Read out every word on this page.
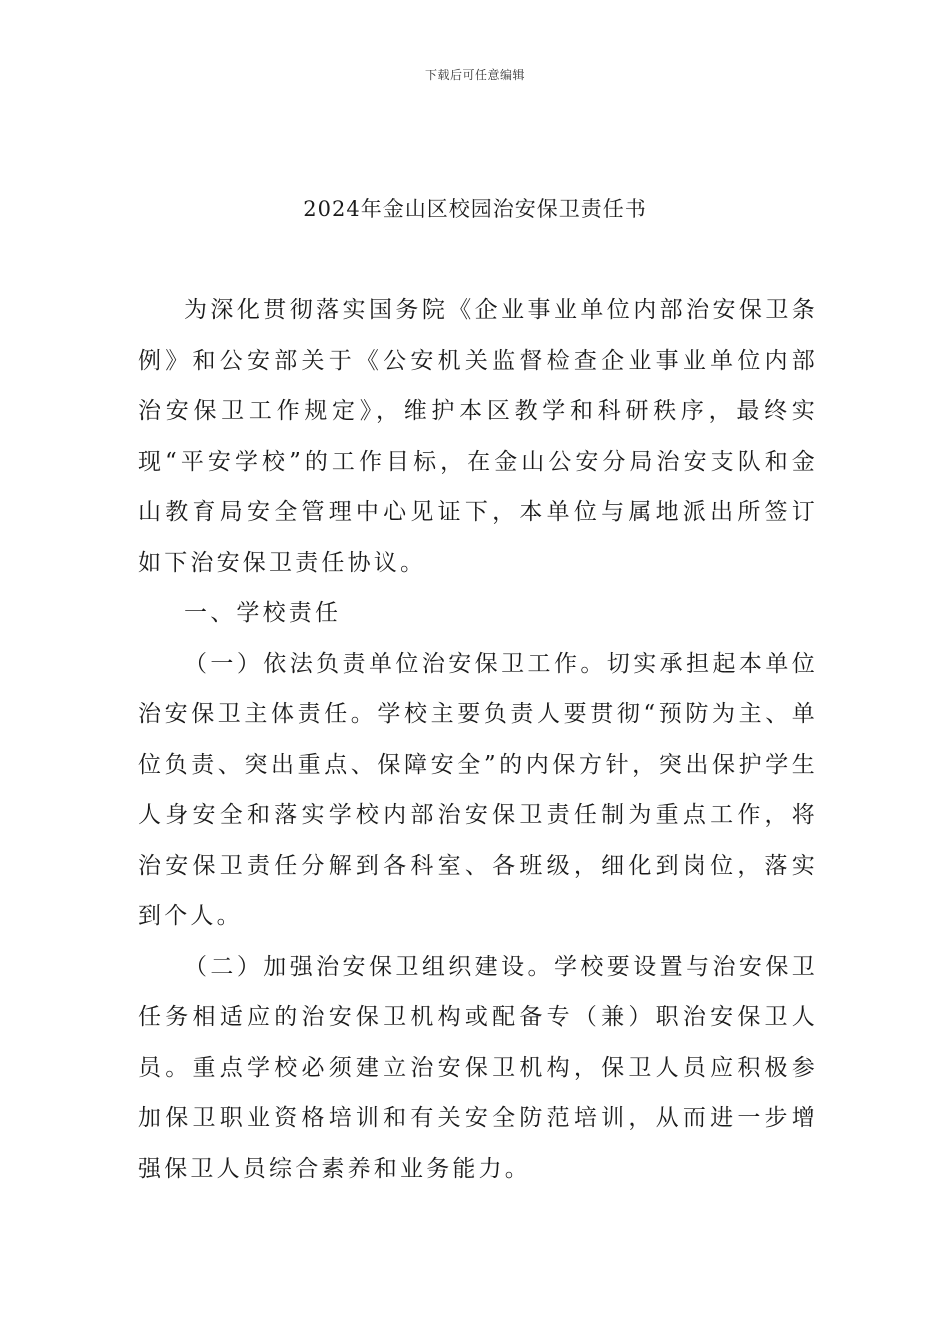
下载后可任意编辑
2024年金山区校园治安保卫责任书

为深化贯彻落实国务院《企业事业单位内部治安保卫条例》和公安部关于《公安机关监督检查企业事业单位内部治安保卫工作规定》，维护本区教学和科研秩序，最终实现“平安学校”的工作目标，在金山公安分局治安支队和金山教育局安全管理中心见证下，本单位与属地派出所签订如下治安保卫责任协议。

一、学校责任

（一）依法负责单位治安保卫工作。切实承担起本单位治安保卫主体责任。学校主要负责人要贯彻“预防为主、单位负责、突出重点、保障安全”的内保方针，突出保护学生人身安全和落实学校内部治安保卫责任制为重点工作，将治安保卫责任分解到各科室、各班级，细化到岗位，落实到个人。

（二）加强治安保卫组织建设。学校要设置与治安保卫任务相适应的治安保卫机构或配备专（兼）职治安保卫人员。重点学校必须建立治安保卫机构，保卫人员应积极参加保卫职业资格培训和有关安全防范培训，从而进一步增强保卫人员综合素养和业务能力。
